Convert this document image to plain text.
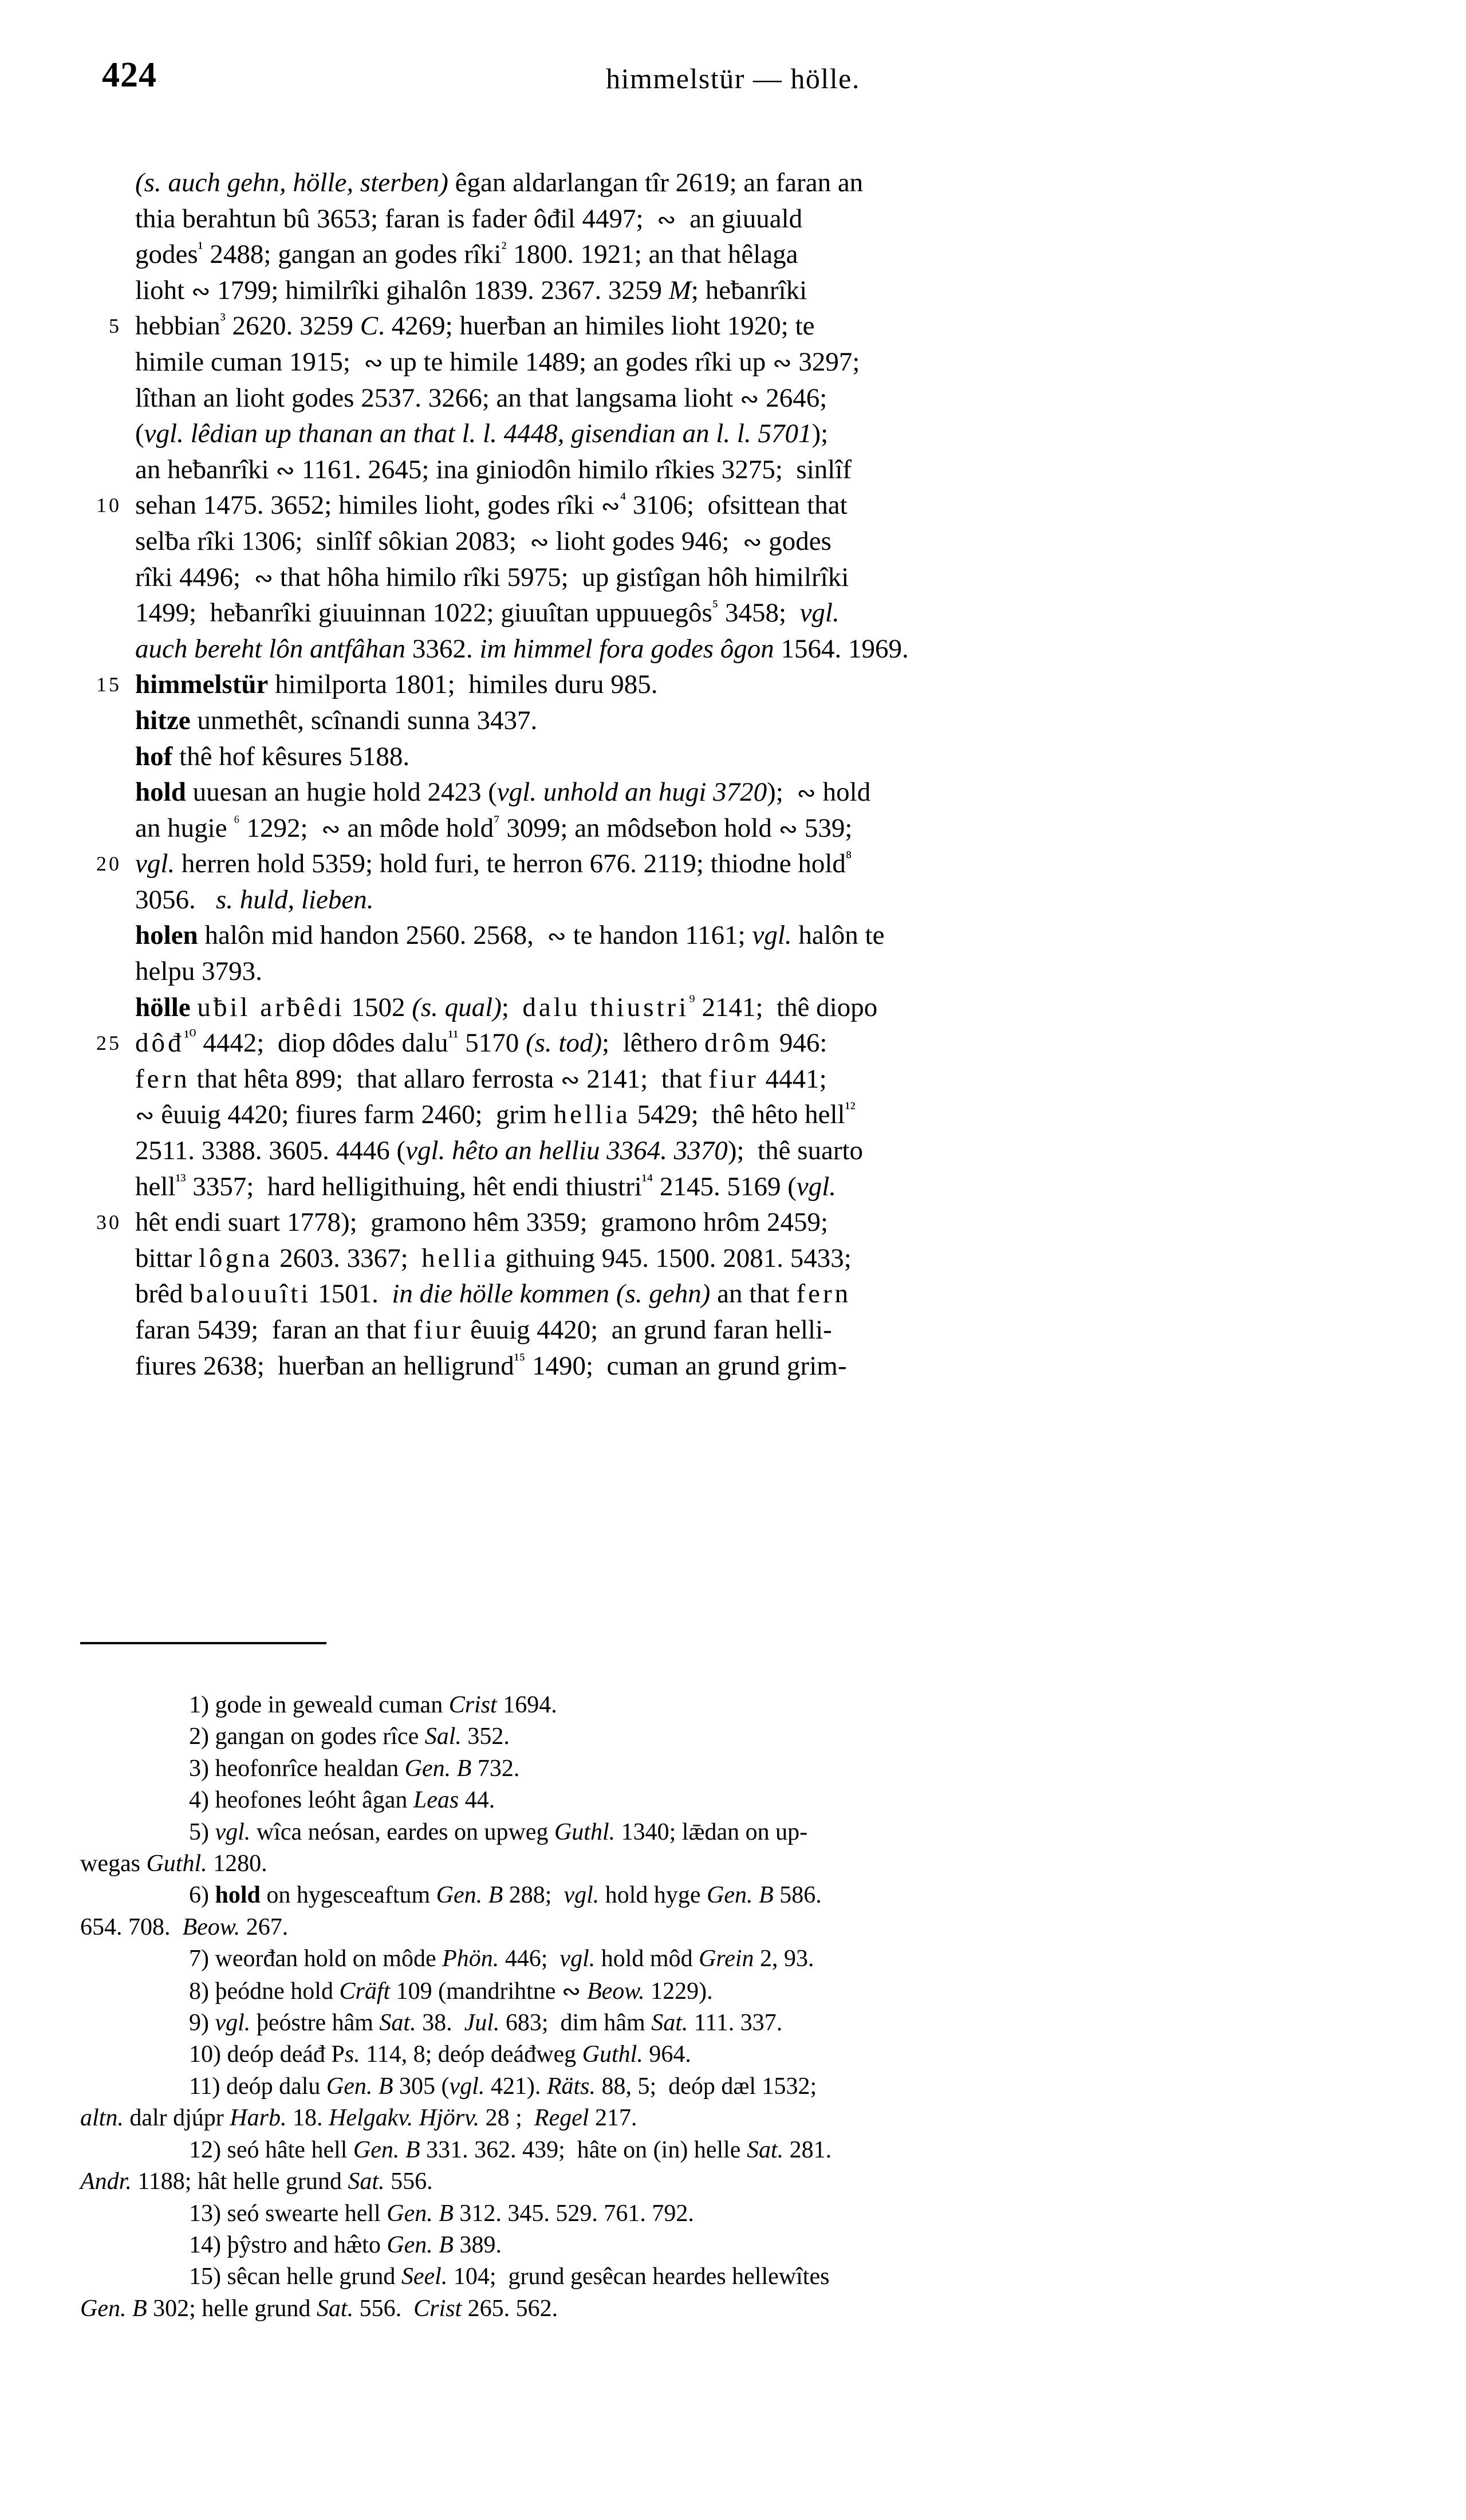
424	himmelstür — hölle.
(s. auch gehn, hölle, sterben) êgan aldarlangan tîr 2619; an faran an
thia berahtun bû 3653; faran is fader ôđil 4497;  ∾  an giuuald
godes$^{^1}$ 2488; gangan an godes rîki$^{^2}$ 1800. 1921; an that hêlaga
lioht ∾ 1799; himilrîki gihalôn 1839. 2367. 3259 M; heƀanrîki
5 hebbian$^{^3}$ 2620. 3259 C. 4269; huerƀan an himiles lioht 1920; te
himile cuman 1915;  ∾ up te himile 1489; an godes rîki up ∾ 3297;
lîthan an lioht godes 2537. 3266; an that langsama lioht ∾ 2646;
(vgl. lêdian up thanan an that l. l. 4448, gisendian an l. l. 5701);
an heƀanrîki ∾ 1161. 2645; ina giniodôn himilo rîkies 3275;  sinlîf
10 sehan 1475. 3652; himiles lioht, godes rîki ∾$^{^4}$ 3106;  ofsittean that
selƀa rîki 1306;  sinlîf sôkian 2083;  ∾ lioht godes 946;  ∾ godes
rîki 4496;  ∾ that hôha himilo rîki 5975;  up gistîgan hôh himilrîki
1499;  heƀanrîki giuuinnan 1022; giuuîtan uppuuegôs$^{^5}$ 3458;  vgl.
auch bereht lôn antfâhan 3362. im himmel fora godes ôgon 1564. 1969.
15 himmelstür himilporta 1801;  himiles duru 985.
hitze unmethêt, scînandi sunna 3437.
hof thê hof kêsures 5188.
hold uuesan an hugie hold 2423 (vgl. unhold an hugi 3720);  ∾ hold
an hugie $^{^6}$ 1292;  ∾ an môde hold$^{^7}$ 3099; an môdseƀon hold ∾ 539;
20 vgl. herren hold 5359; hold furi, te herron 676. 2119; thiodne hold$^{^8}$
3056.   s. huld, lieben.
holen halôn mid handon 2560. 2568,  ∾ te handon 1161; vgl. halôn te
helpu 3793.
hölle uƀil arƀêdi 1502 (s. qual);  dalu thiustri$^{^9}$ 2141;  thê diopo
25 dôđ$^{^{10}}$ 4442;  diop dôdes dalu$^{^{11}}$ 5170 (s. tod);  lêthero drôm 946:
fern that hêta 899;  that allaro ferrosta ∾ 2141;  that fiur 4441;
∾ êuuig 4420; fiures farm 2460;  grim hellia 5429;  thê hêto hell$^{^{12}}$
2511. 3388. 3605. 4446 (vgl. hêto an helliu 3364. 3370);  thê suarto
hell$^{^{13}}$ 3357;  hard helligithuing, hêt endi thiustri$^{^{14}}$ 2145. 5169 (vgl.
30 hêt endi suart 1778);  gramono hêm 3359;  gramono hrôm 2459;
bittar lôgna 2603. 3367;  hellia githuing 945. 1500. 2081. 5433;
brêd balouuîti 1501.  in die hölle kommen (s. gehn) an that fern
faran 5439;  faran an that fiur êuuig 4420;  an grund faran helli-
fiures 2638;  huerƀan an helligrund$^{^{15}}$ 1490;  cuman an grund grim-
1) gode in geweald cuman Crist 1694.
2) gangan on godes rîce Sal. 352.
3) heofonrîce healdan Gen. B 732.
4) heofones leóht âgan Leas 44.
5) vgl. wîca neósan, eardes on upweg Guthl. 1340; lǣdan on up-
wegas Guthl. 1280.
6) hold on hygesceaftum Gen. B 288;  vgl. hold hyge Gen. B 586.
654. 708.  Beow. 267.
7) weorđan hold on môde Phön. 446;  vgl. hold môd Grein 2, 93.
8) þeódne hold Cräft 109 (mandrihtne ∾ Beow. 1229).
9) vgl. þeóstre hâm Sat. 38.  Jul. 683;  dim hâm Sat. 111. 337.
10) deóp deáđ Ps. 114, 8; deóp deáđweg Guthl. 964.
11) deóp dalu Gen. B 305 (vgl. 421). Räts. 88, 5;  deóp dæl 1532;
altn. dalr djúpr Harb. 18. Helgakv. Hjörv. 28 ;  Regel 217.
12) seó hâte hell Gen. B 331. 362. 439;  hâte on (in) helle Sat. 281.
Andr. 1188; hât helle grund Sat. 556.
13) seó swearte hell Gen. B 312. 345. 529. 761. 792.
14) þŷstro and hæ̂to Gen. B 389.
15) sêcan helle grund Seel. 104;  grund gesêcan heardes hellewîtes
Gen. B 302; helle grund Sat. 556.  Crist 265. 562.
